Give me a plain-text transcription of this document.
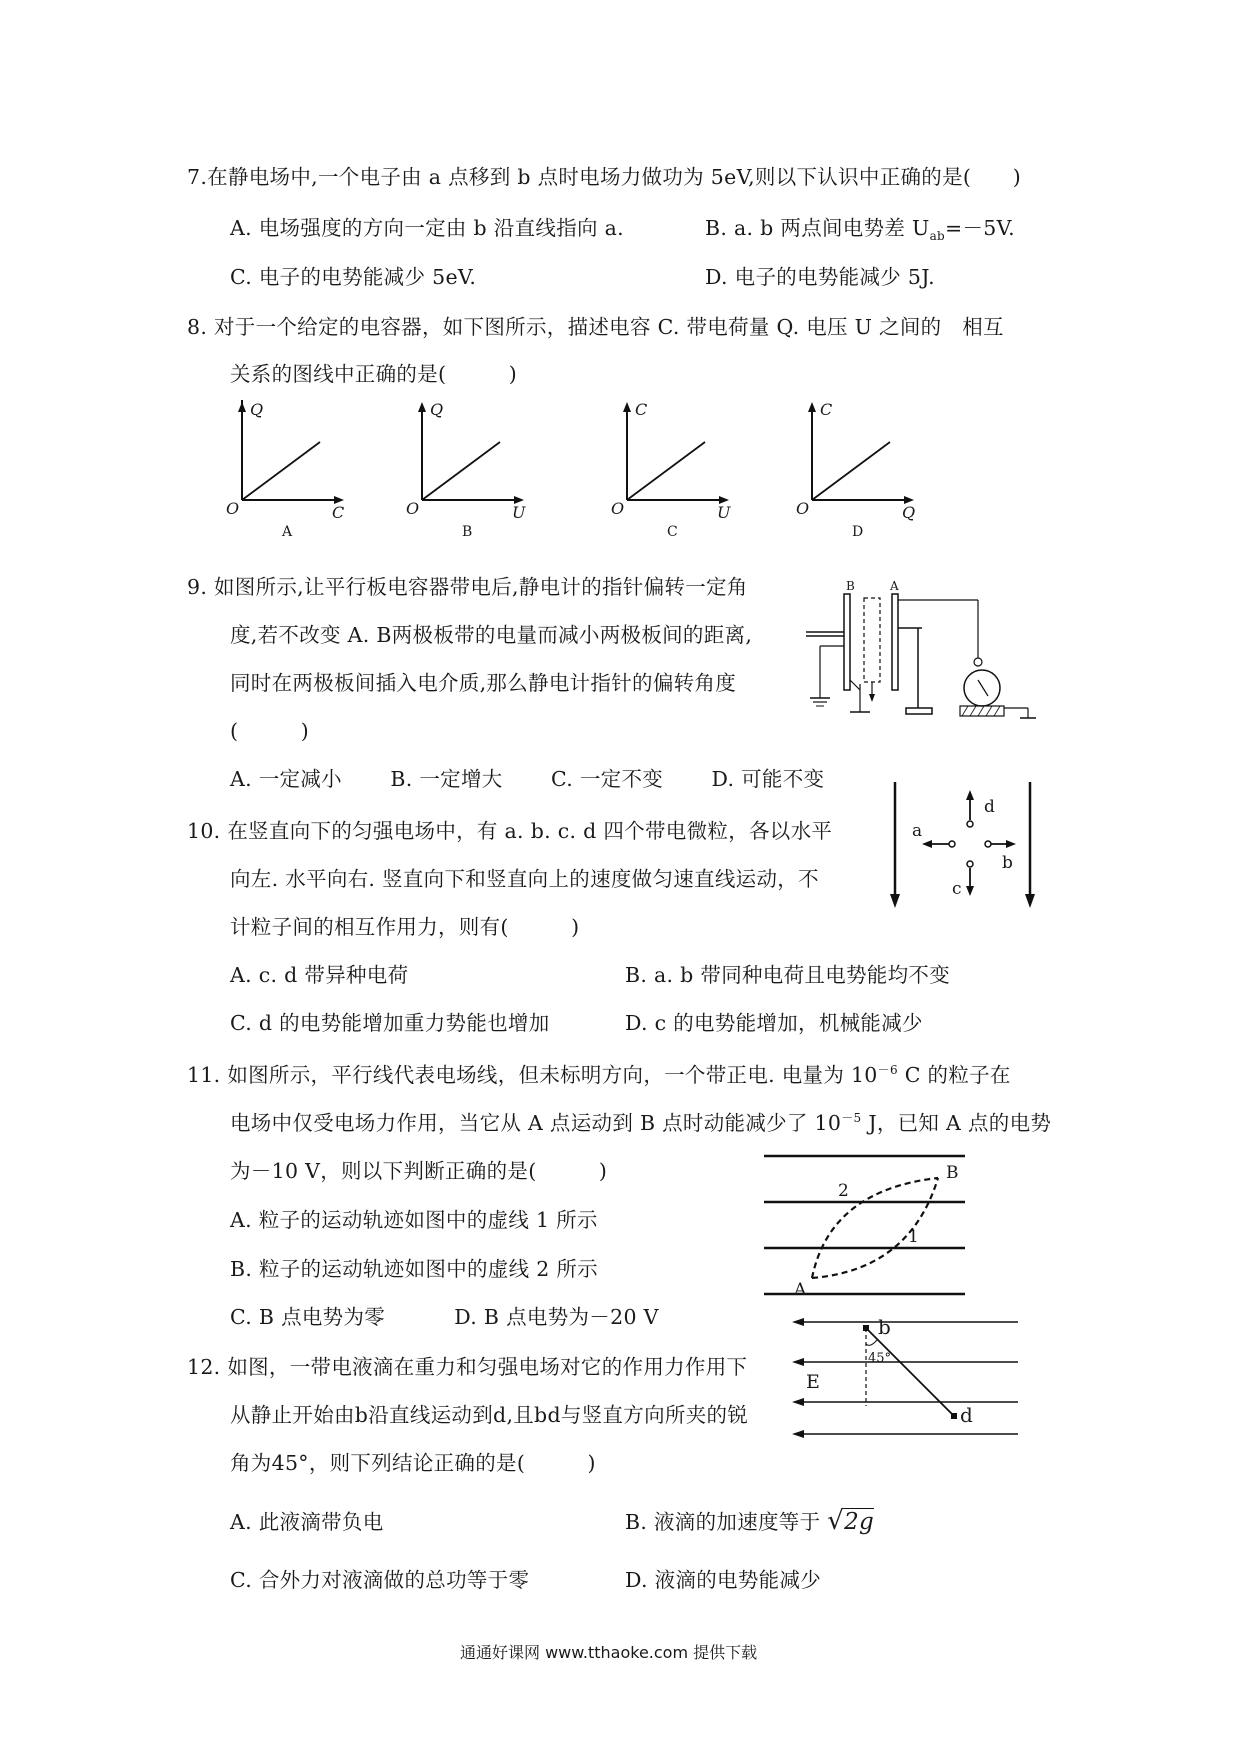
7.在静电场中,一个电子由 a 点移到 b 点时电场力做功为 5eV,则以下认识中正确的是(　　)
A. 电场强度的方向一定由 b 沿直线指向 a.	B. a. b 两点间电势差 $U_{ab}=-5V$.
C. 电子的电势能减少 5eV.	D. 电子的电势能减少 5J.
8. 对于一个给定的电容器，如下图所示，描述电容 C. 带电荷量 Q. 电压 U 之间的　相互
关系的图线中正确的是(　　　)
Q
O	C
A
Q
O	U
B
C
O	U
C
C
O	Q
D
9. 如图所示,让平行板电容器带电后,静电计的指针偏转一定角
度,若不改变 A. B两极板带的电量而减小两极板间的距离,
同时在两极板间插入电介质,那么静电计指针的偏转角度
(　　　)
A. 一定减小　　 B. 一定增大　　 C. 一定不变　　 D. 可能不变
B	A
10. 在竖直向下的匀强电场中，有 a. b. c. d 四个带电微粒，各以水平
向左. 水平向右. 竖直向下和竖直向上的速度做匀速直线运动，不
计粒子间的相互作用力，则有(　　　)
A. c. d 带异种电荷	B. a. b 带同种电荷且电势能均不变
C. d 的电势能增加重力势能也增加	D. c 的电势能增加，机械能减少
d
a
b
c
11. 如图所示，平行线代表电场线，但未标明方向，一个带正电. 电量为 $10^{-6}$ C 的粒子在
电场中仅受电场力作用，当它从 A 点运动到 B 点时动能减少了 $10^{-5}$ J，已知 A 点的电势
为－10 V，则以下判断正确的是(　　　)
A. 粒子的运动轨迹如图中的虚线 1 所示
B. 粒子的运动轨迹如图中的虚线 2 所示
C. B 点电势为零　　　 D. B 点电势为－20 V
A
B
2
1
12. 如图，一带电液滴在重力和匀强电场对它的作用力作用下
从静止开始由b沿直线运动到d,且bd与竖直方向所夹的锐
角为45°，则下列结论正确的是(　　　)
A. 此液滴带负电	B. 液滴的加速度等于 √2g
C. 合外力对液滴做的总功等于零	D. 液滴的电势能减少
45°
b
d
E
通通好课网 www.tthaoke.com 提供下载
